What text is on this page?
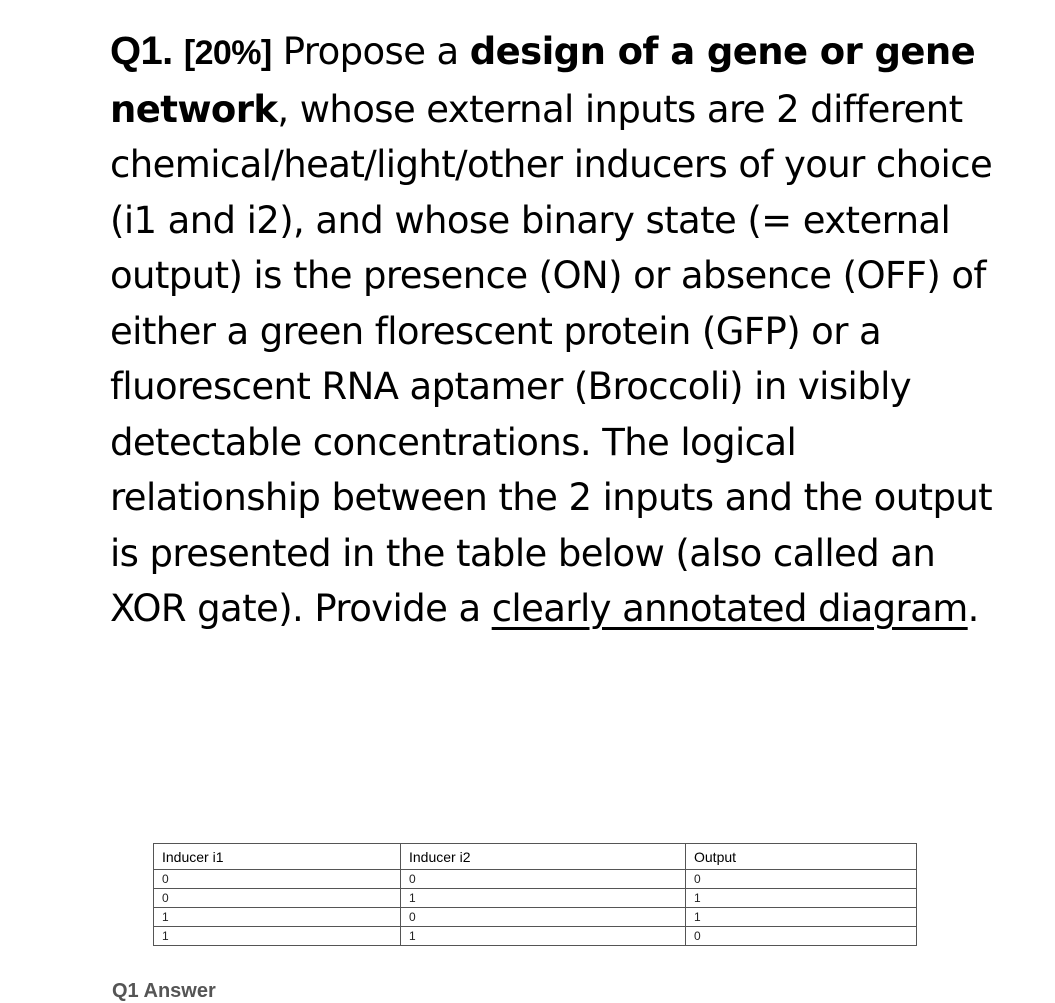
Q1. [20%] Propose a design of a gene or gene network, whose external inputs are 2 different chemical/heat/light/other inducers of your choice (i1 and i2), and whose binary state (= external output) is the presence (ON) or absence (OFF) of either a green florescent protein (GFP) or a fluorescent RNA aptamer (Broccoli) in visibly detectable concentrations. The logical relationship between the 2 inputs and the output is presented in the table below (also called an XOR gate). Provide a clearly annotated diagram.
Inducer i1	Inducer i2	Output
0	0	0
0	1	1
1	0	1
1	1	0
Q1 Answer
